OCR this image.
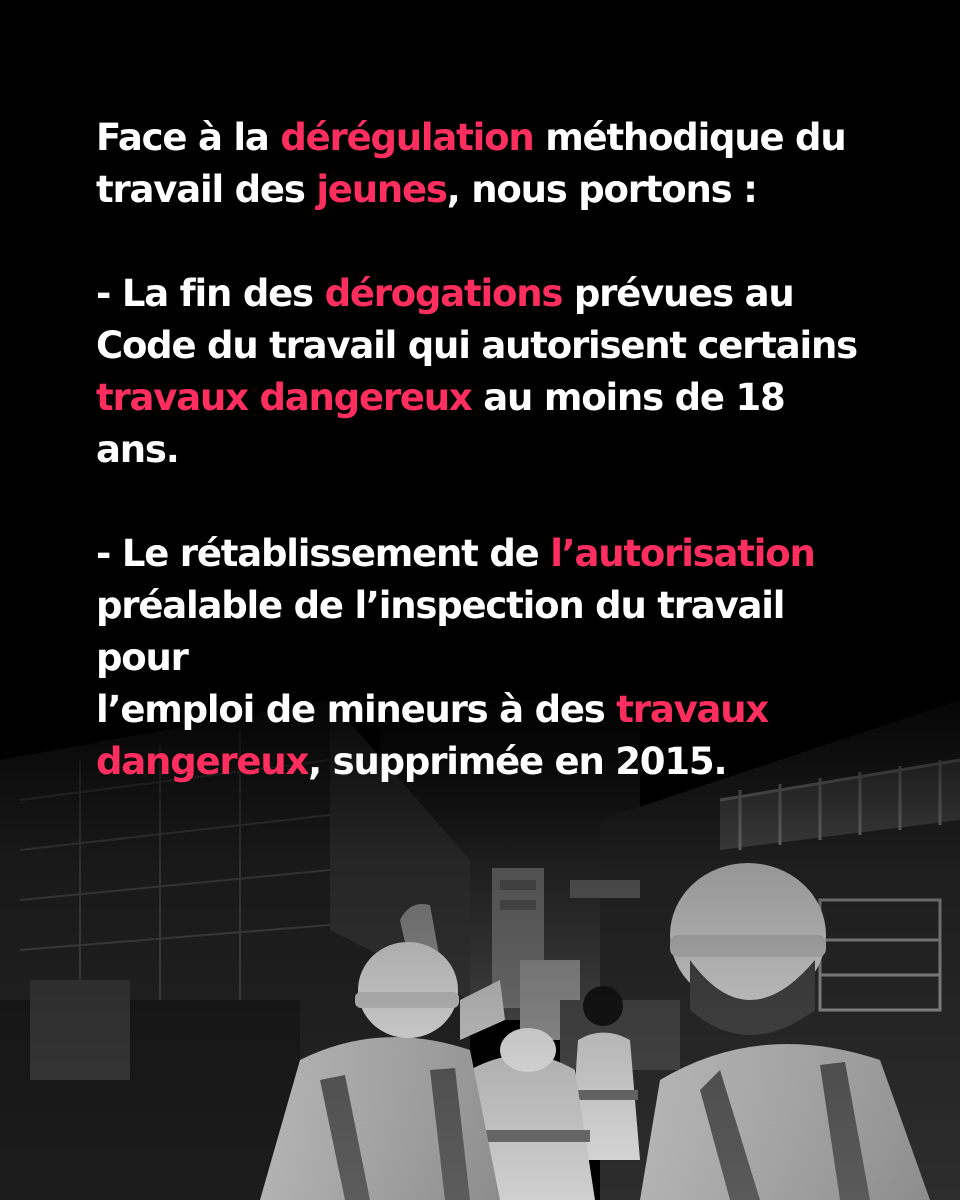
Face à la dérégulation méthodique du
travail des jeunes, nous portons :

- La fin des dérogations prévues au
Code du travail qui autorisent certains
travaux dangereux au moins de 18 ans.

- Le rétablissement de l’autorisation
préalable de l’inspection du travail pour
l’emploi de mineurs à des travaux
dangereux, supprimée en 2015.
